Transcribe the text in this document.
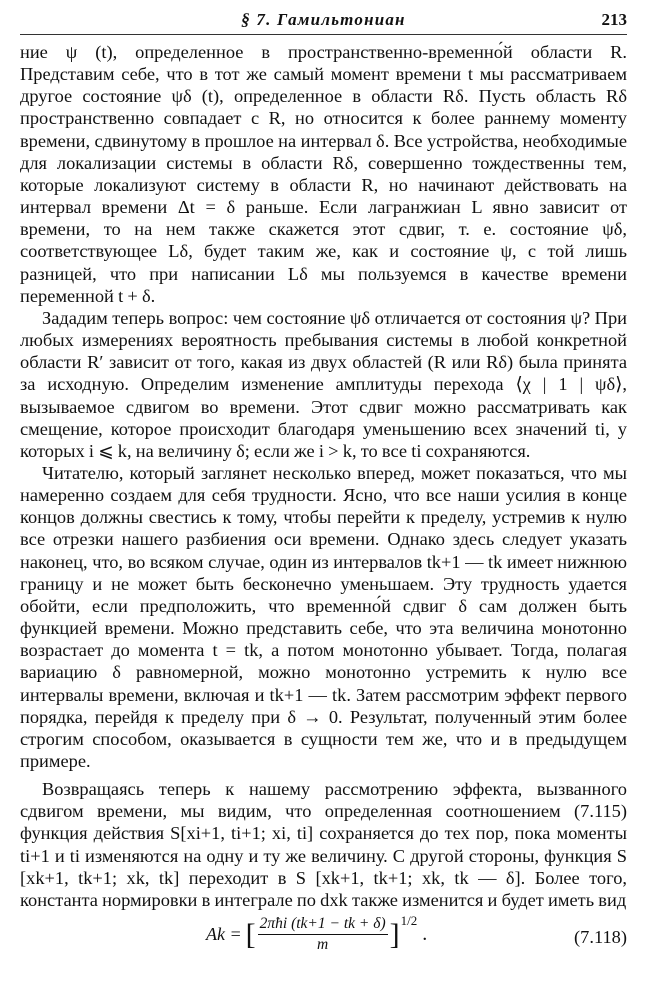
§ 7. Гамильтониан	213

ние ψ (t), определенное в пространственно-временно́й области R. Представим себе, что в тот же самый момент времени t мы рассматриваем другое состояние ψδ (t), определенное в области Rδ. Пусть область Rδ пространственно совпадает с R, но относится к более раннему моменту времени, сдвинутому в прошлое на интервал δ. Все устройства, необходимые для локализации системы в области Rδ, совершенно тождественны тем, которые локализуют систему в области R, но начинают действовать на интервал времени Δt = δ раньше. Если лагранжиан L явно зависит от времени, то на нем также скажется этот сдвиг, т. е. состояние ψδ, соответствующее Lδ, будет таким же, как и состояние ψ, с той лишь разницей, что при написании Lδ мы пользуемся в качестве времени переменной t + δ.

Зададим теперь вопрос: чем состояние ψδ отличается от состояния ψ? При любых измерениях вероятность пребывания системы в любой конкретной области R′ зависит от того, какая из двух областей (R или Rδ) была принята за исходную. Определим изменение амплитуды перехода ⟨χ | 1 | ψδ⟩, вызываемое сдвигом во времени. Этот сдвиг можно рассматривать как смещение, которое происходит благодаря уменьшению всех значений ti, у которых i ⩽ k, на величину δ; если же i > k, то все ti сохраняются.

Читателю, который заглянет несколько вперед, может показаться, что мы намеренно создаем для себя трудности. Ясно, что все наши усилия в конце концов должны свестись к тому, чтобы перейти к пределу, устремив к нулю все отрезки нашего разбиения оси времени. Однако здесь следует указать наконец, что, во всяком случае, один из интервалов tk+1 — tk имеет нижнюю границу и не может быть бесконечно уменьшаем. Эту трудность удается обойти, если предположить, что временно́й сдвиг δ сам должен быть функцией времени. Можно представить себе, что эта величина монотонно возрастает до момента t = tk, а потом монотонно убывает. Тогда, полагая вариацию δ равномерной, можно монотонно устремить к нулю все интервалы времени, включая и tk+1 — tk. Затем рассмотрим эффект первого порядка, перейдя к пределу при δ → 0. Результат, полученный этим более строгим способом, оказывается в сущности тем же, что и в предыдущем примере.

Возвращаясь теперь к нашему рассмотрению эффекта, вызванного сдвигом времени, мы видим, что определенная соотношением (7.115) функция действия S[xi+1, ti+1; xi, ti] сохраняется до тех пор, пока моменты ti+1 и ti изменяются на одну и ту же величину. С другой стороны, функция S [xk+1, tk+1; xk, tk] переходит в S [xk+1, tk+1; xk, tk — δ]. Более того, константа нормировки в интеграле по dxk также изменится и будет иметь вид

Ak = [ $\frac{\text{2πħi (tk+1 − tk + δ)}}{m}$ ] 1/2
.	(7.118)
